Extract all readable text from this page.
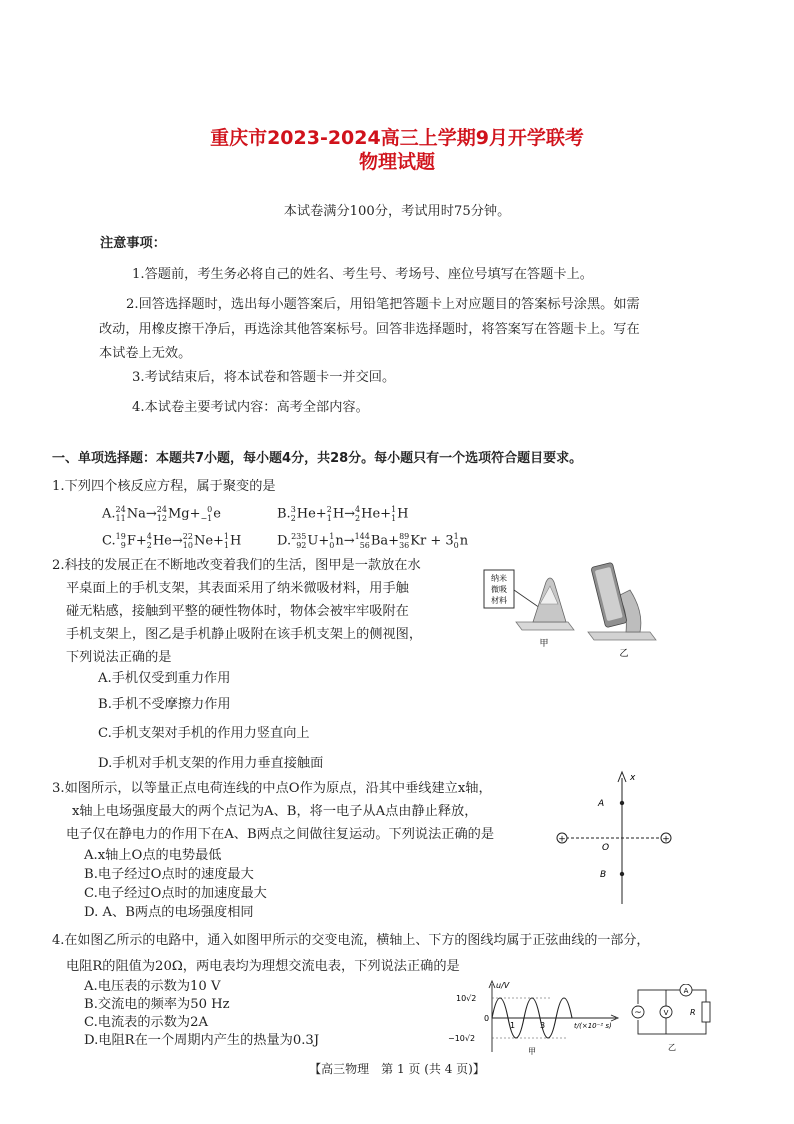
重庆市2023-2024高三上学期9月开学联考
物理试题
本试卷满分100分，考试用时75分钟。
注意事项：
1.答题前，考生务必将自己的姓名、考生号、考场号、座位号填写在答题卡上。
2.回答选择题时，选出每小题答案后，用铅笔把答题卡上对应题目的答案标号涂黑。如需
改动，用橡皮擦干净后，再选涂其他答案标号。回答非选择题时，将答案写在答题卡上。写在
本试卷上无效。
3.考试结束后，将本试卷和答题卡一并交回。
4.本试卷主要考试内容：高考全部内容。
一、单项选择题：本题共7小题，每小题4分，共28分。每小题只有一个选项符合题目要求。
1.下列四个核反应方程，属于聚变的是
A. 24
11 Na→ 24
12 Mg+ 0
−1 e	B. 3
2 He+ 2
1 H→ 4
2 He+ 1
1 H
C. 19
9 F+ 4
2 He→ 22
10 Ne+ 1
1 H	D. 235
92 U+ 1
0 n→ 144
56 Ba+ 89
36 Kr + 3 1
0 n
2.科技的发展正在不断地改变着我们的生活，图甲是一款放在水
平桌面上的手机支架，其表面采用了纳米微吸材料，用手触
碰无粘感，接触到平整的硬性物体时，物体会被牢牢吸附在
手机支架上，图乙是手机静止吸附在该手机支架上的侧视图，
下列说法正确的是
A.手机仅受到重力作用
B.手机不受摩擦力作用
C.手机支架对手机的作用力竖直向上
D.手机对手机支架的作用力垂直接触面
纳米
微吸
材料
甲
乙
3.如图所示，以等量正点电荷连线的中点O作为原点，沿其中垂线建立x轴，
x轴上电场强度最大的两个点记为A、B，将一电子从A点由静止释放，
电子仅在静电力的作用下在A、B两点之间做往复运动。下列说法正确的是
A.x轴上O点的电势最低
B.电子经过O点时的速度最大
C.电子经过O点时的加速度最大
D. A、B两点的电场强度相同
x
+	+
A
O
B
4.在如图乙所示的电路中，通入如图甲所示的交变电流，横轴上、下方的图线均属于正弦曲线的一部分，
电阻R的阻值为20Ω，两电表均为理想交流电表，下列说法正确的是
A.电压表的示数为10 V
B.交流电的频率为50 Hz
C.电流表的示数为2A
D.电阻R在一个周期内产生的热量为0.3J
u/V
10√2
−10√2
0
1	3	t/(×10⁻² s)
甲
~	V
A
R
乙
【高三物理　第 1 页 (共 4 页)】
